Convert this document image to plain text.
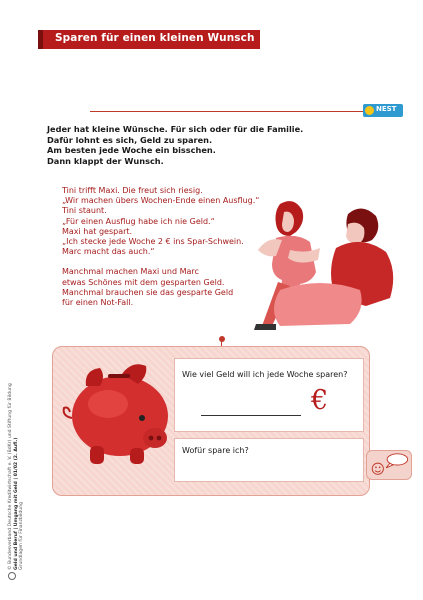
Sparen für einen kleinen Wunsch
NEST

Jeder hat kleine Wünsche. Für sich oder für die Familie.

Dafür lohnt es sich, Geld zu sparen.

Am besten jede Woche ein bisschen.

Dann klappt der Wunsch.

Tini trifft Maxi. Die freut sich riesig.

„Wir machen übers Wochen-Ende einen Ausflug.“

Tini staunt.

„Für einen Ausflug habe ich nie Geld.“

Maxi hat gespart.

„Ich stecke jede Woche 2 € ins Spar-Schwein.

Marc macht das auch.“

Manchmal machen Maxi und Marc

etwas Schönes mit dem gesparten Geld.

Manchmal brauchen sie das gesparte Geld

für einen Not-Fall.

Wie viel Geld will ich jede Woche sparen?
€
Wofür spare ich?
© Bundesverband Deutsche Kreditwirtschaft e. V. (BdKr) und Stiftung für Bildung Geld und Beruf | Umgang mit Geld | 01/02 (2. Aufl.) Grundlagen für Finanzbildung
